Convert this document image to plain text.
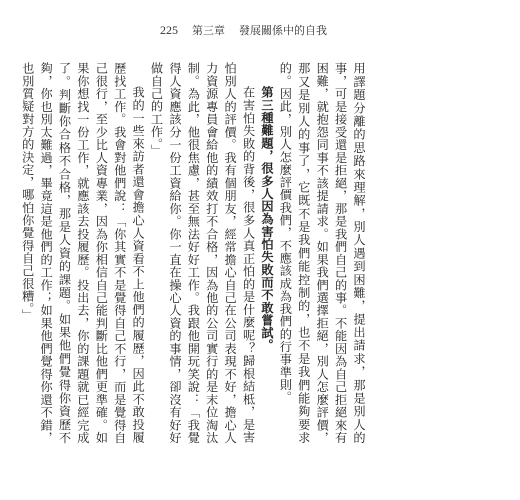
225 第三章 發展關係中的自我

用譯題分離的思路來理解，別人遇到困難，提出請求，那是別人的事，可是接受還是拒絕，那是我們自己的事。不能因為自己拒絕來有困難，就抱怨同事不該提請求。如果我們選擇拒絕，別人怎麼評價，那又是別人的事了，它既不是我們能控制的，也不是我們能夠要求的。因此，別人怎麼評價我們，不應該成為我們的行事準則。

第三種難題，很多人因為害怕失敗而不敢嘗試。

在害怕失敗的背後，很多人真正怕的是什麼呢？歸根結柢，是害怕別人的評價。我有個朋友，經常擔心自己在公司表現不好，擔心人力資源專員會給他的績效打不合格，因為他的公司實行的是末位淘汰制。為此，他很焦慮，甚至無法好好工作。我跟他開玩笑說：「我覺得人資應該分一份工資給你。你一直在操心人資的事情，卻沒有好好做自己的工作。」

我的一些來訪者還會擔心人資看不上他們的履歷，因此不敢投履歷找工作。我會對他們說：「你其實不是覺得自己不行，而是覺得自己很行，至少比人資專業，因為你相信自己能判斷比他們更準確。如果你想找一份工作，就應該去投履歷。投出去，你的課題就已經完成了。判斷你合格不合格，那是人資的課題。如果他們覺得你資歷不夠，你也別太難過，畢竟這是他們的工作；如果他們覺得你還不錯，也別質疑對方的決定，哪怕你覺得自己很糟。」
